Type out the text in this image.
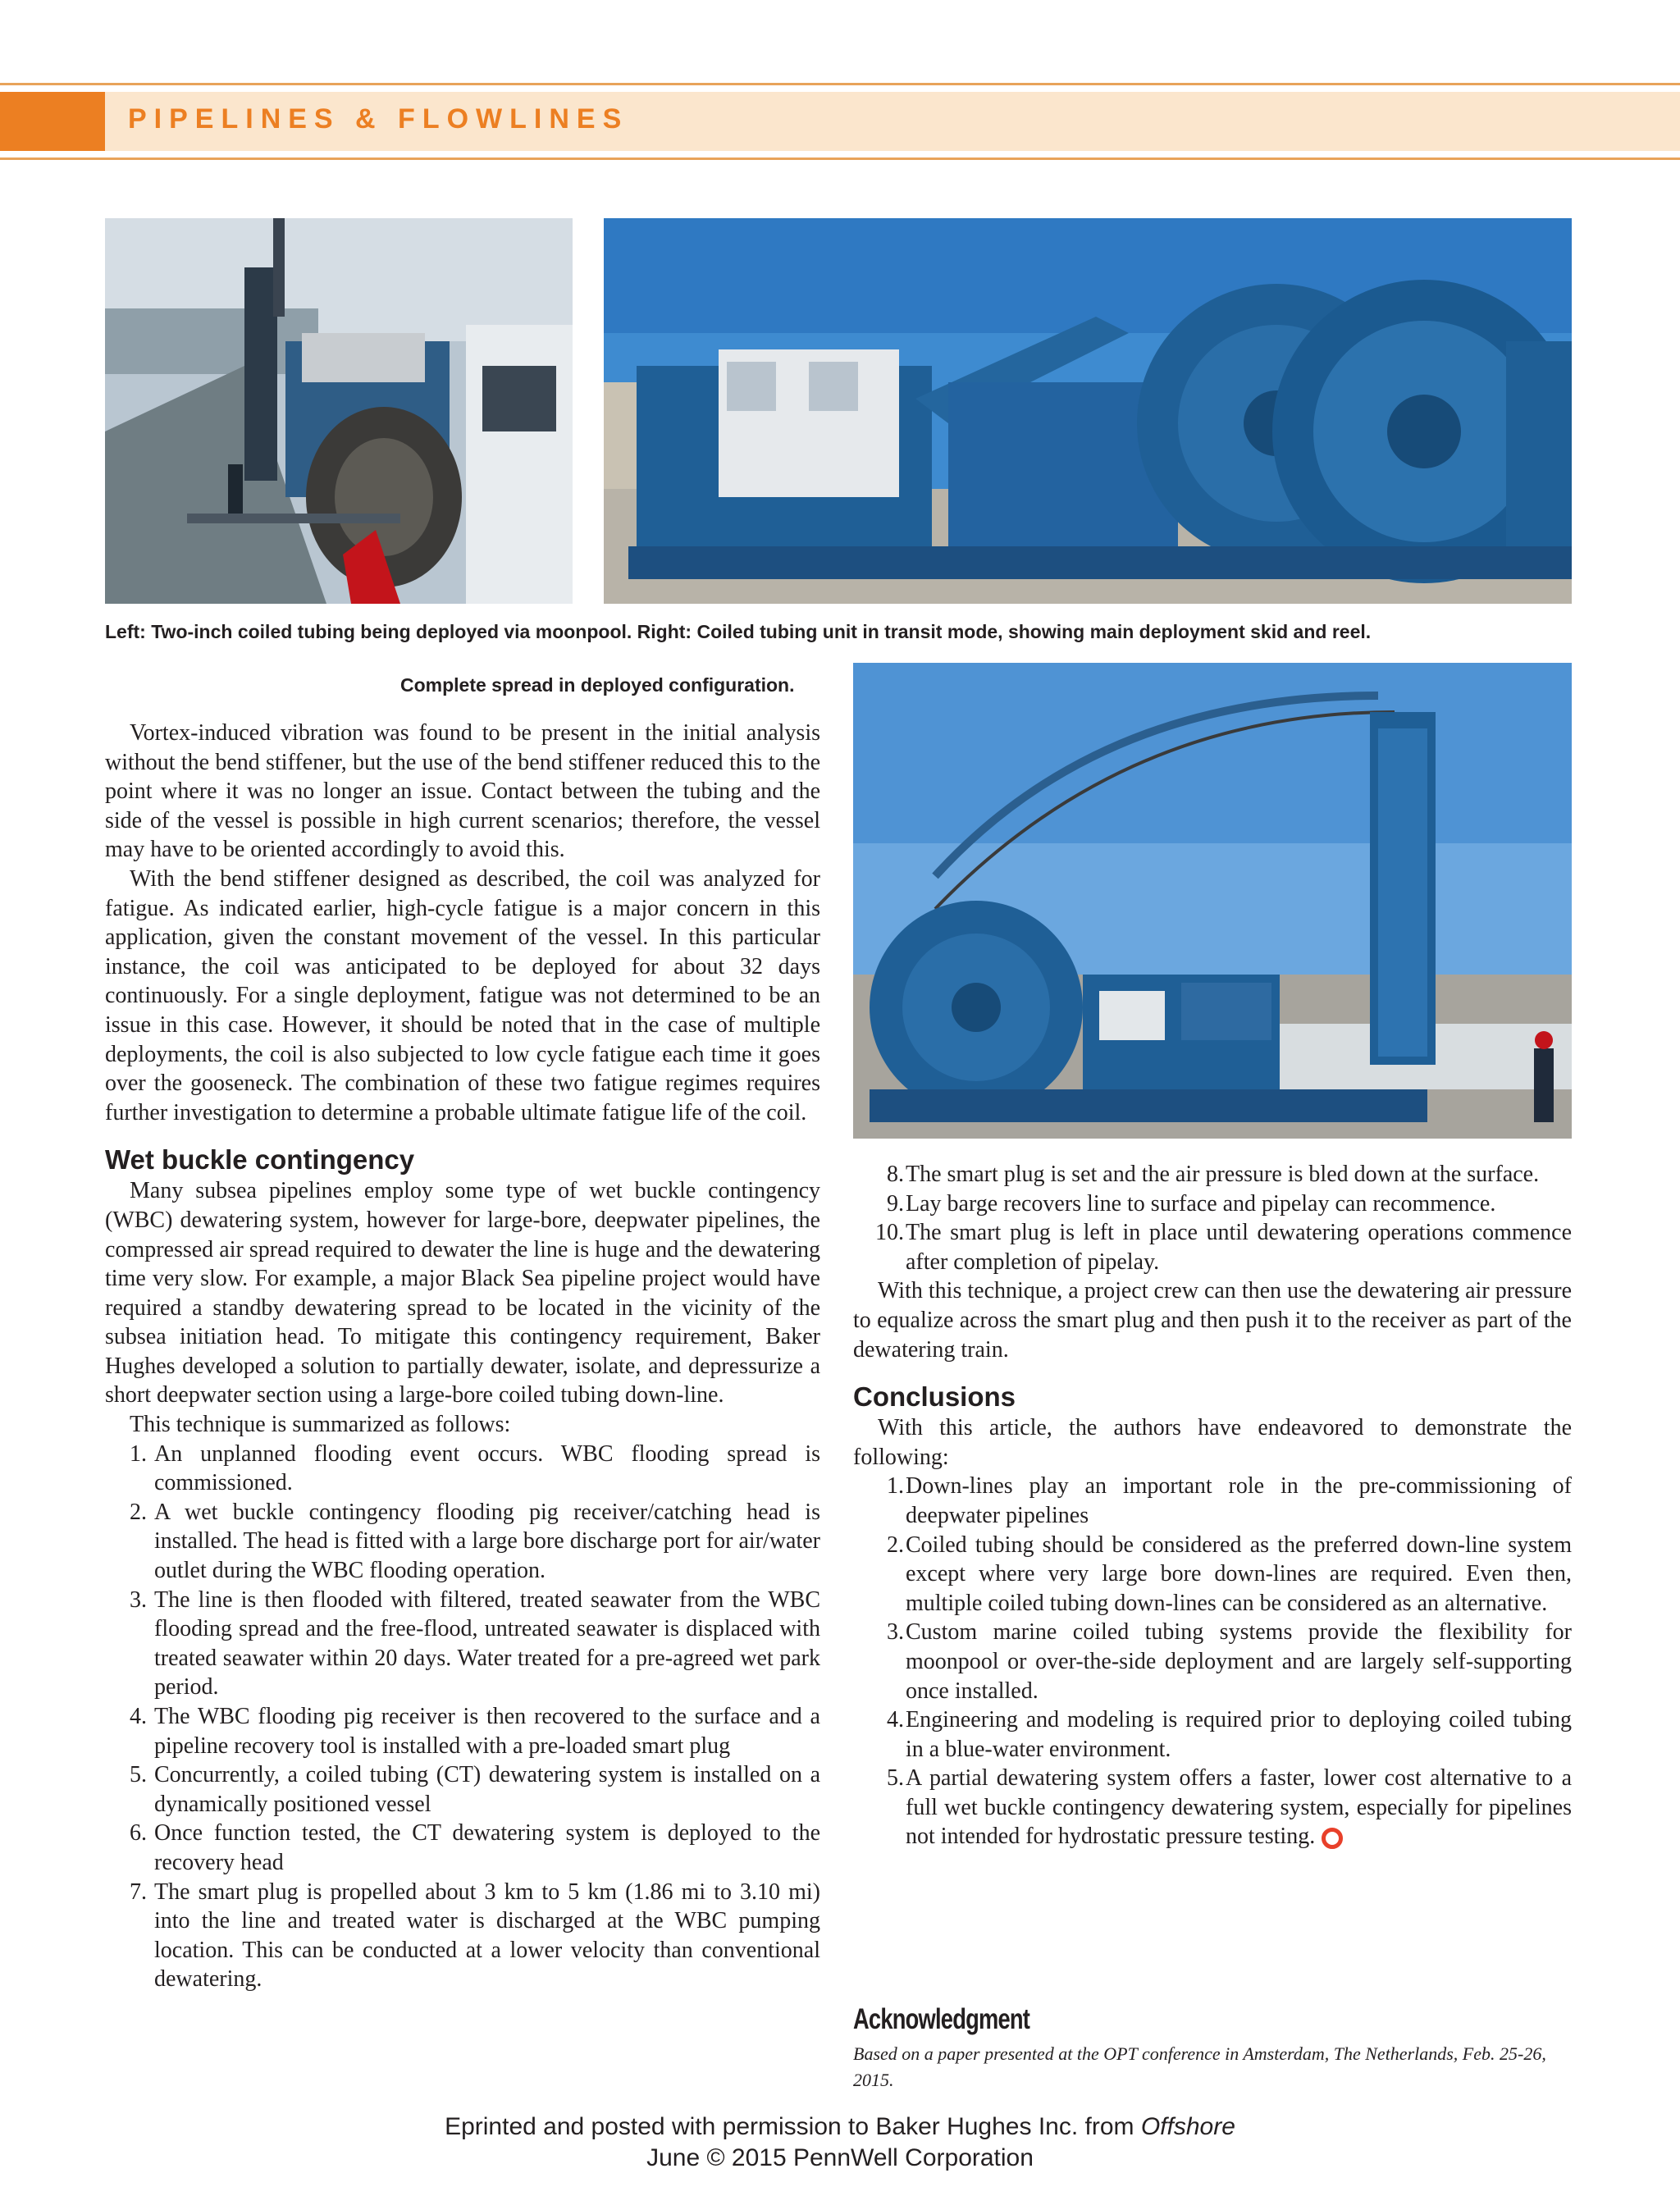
PIPELINES & FLOWLINES
Left: Two-inch coiled tubing being deployed via moonpool. Right: Coiled tubing unit in transit mode, showing main deployment skid and reel.
Complete spread in deployed configuration.

Vortex-induced vibration was found to be present in the initial analysis without the bend stiffener, but the use of the bend stiffener reduced this to the point where it was no longer an issue. Contact between the tubing and the side of the vessel is possible in high current scenarios; therefore, the vessel may have to be oriented accordingly to avoid this.

With the bend stiffener designed as described, the coil was analyzed for fatigue. As indicated earlier, high-cycle fatigue is a major concern in this application, given the constant movement of the vessel. In this particular instance, the coil was anticipated to be deployed for about 32 days continuously. For a single deployment, fatigue was not determined to be an issue in this case. However, it should be noted that in the case of multiple deployments, the coil is also subjected to low cycle fatigue each time it goes over the gooseneck. The combination of these two fatigue regimes requires further investigation to determine a probable ultimate fatigue life of the coil.

Wet buckle contingency

Many subsea pipelines employ some type of wet buckle contingency (WBC) dewatering system, however for large-bore, deepwater pipelines, the compressed air spread required to dewater the line is huge and the dewatering time very slow. For example, a major Black Sea pipeline project would have required a standby dewatering spread to be located in the vicinity of the subsea initiation head. To mitigate this contingency requirement, Baker Hughes developed a solution to partially dewater, isolate, and depressurize a short deepwater section using a large-bore coiled tubing down-line.

This technique is summarized as follows:

1. An unplanned flooding event occurs. WBC flooding spread is commissioned.
2. A wet buckle contingency flooding pig receiver/catching head is installed. The head is fitted with a large bore discharge port for air/water outlet during the WBC flooding operation.
3. The line is then flooded with filtered, treated seawater from the WBC flooding spread and the free-flood, untreated seawater is displaced with treated seawater within 20 days. Water treated for a pre-agreed wet park period.
4. The WBC flooding pig receiver is then recovered to the surface and a pipeline recovery tool is installed with a pre-loaded smart plug
5. Concurrently, a coiled tubing (CT) dewatering system is installed on a dynamically positioned vessel
6. Once function tested, the CT dewatering system is deployed to the recovery head
7. The smart plug is propelled about 3 km to 5 km (1.86 mi to 3.10 mi) into the line and treated water is discharged at the WBC pumping location. This can be conducted at a lower velocity than conventional dewatering.
8. The smart plug is set and the air pressure is bled down at the surface.
9. Lay barge recovers line to surface and pipelay can recommence.
10. The smart plug is left in place until dewatering operations commence after completion of pipelay.

With this technique, a project crew can then use the dewatering air pressure to equalize across the smart plug and then push it to the receiver as part of the dewatering train.

Conclusions

With this article, the authors have endeavored to demonstrate the following:

1. Down-lines play an important role in the pre-commissioning of deepwater pipelines
2. Coiled tubing should be considered as the preferred down-line system except where very large bore down-lines are required. Even then, multiple coiled tubing down-lines can be considered as an alternative.
3. Custom marine coiled tubing systems provide the flexibility for moonpool or over-the-side deployment and are largely self-supporting once installed.
4. Engineering and modeling is required prior to deploying coiled tubing in a blue-water environment.
5. A partial dewatering system offers a faster, lower cost alternative to a full wet buckle contingency dewatering system, especially for pipelines not intended for hydrostatic pressure testing.
Acknowledgment
Based on a paper presented at the OPT conference in Amsterdam, The Netherlands, Feb. 25-26, 2015.
Eprinted and posted with permission to Baker Hughes Inc. from Offshore
June © 2015 PennWell Corporation
